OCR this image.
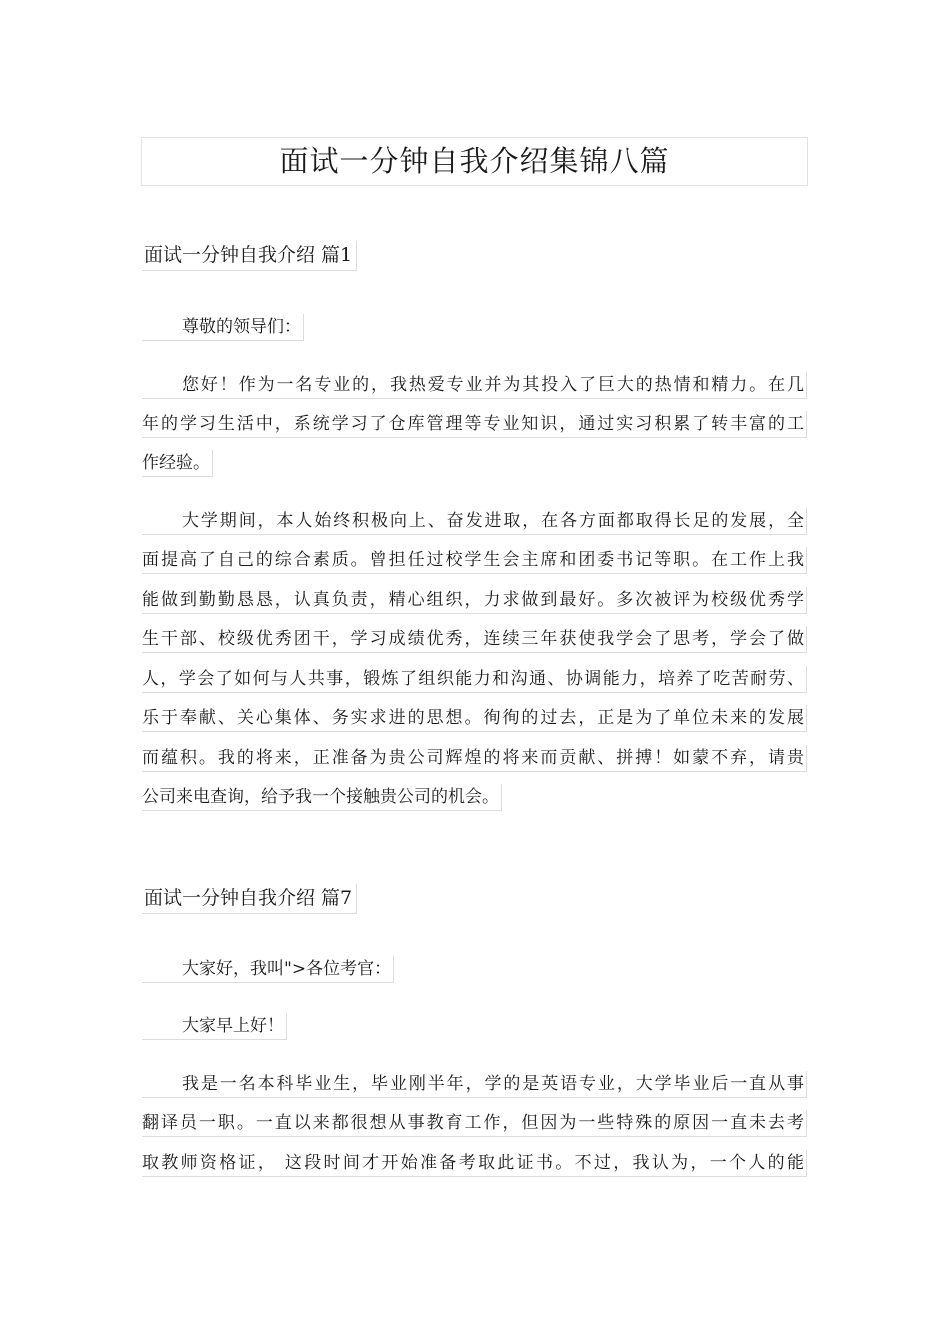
面试一分钟自我介绍集锦八篇
面试一分钟自我介绍 篇1
尊敬的领导们：
您好！作为一名专业的，我热爱专业并为其投入了巨大的热情和精力。在几
年的学习生活中，系统学习了仓库管理等专业知识，通过实习积累了转丰富的工
作经验。
大学期间，本人始终积极向上、奋发进取，在各方面都取得长足的发展，全
面提高了自己的综合素质。曾担任过校学生会主席和团委书记等职。在工作上我
能做到勤勤恳恳，认真负责，精心组织，力求做到最好。多次被评为校级优秀学
生干部、校级优秀团干，学习成绩优秀，连续三年获使我学会了思考，学会了做
人，学会了如何与人共事，锻炼了组织能力和沟通、协调能力，培养了吃苦耐劳、
乐于奉献、关心集体、务实求进的思想。徇徇的过去，正是为了单位未来的发展
而蕴积。我的将来，正准备为贵公司辉煌的将来而贡献、拼搏！如蒙不弃，请贵
公司来电查询，给予我一个接触贵公司的机会。
面试一分钟自我介绍 篇7
大家好，我叫">各位考官：
大家早上好！
我是一名本科毕业生，毕业刚半年，学的是英语专业，大学毕业后一直从事
翻译员一职。一直以来都很想从事教育工作，但因为一些特殊的原因一直未去考
取教师资格证， 这段时间才开始准备考取此证书。不过，我认为，一个人的能
